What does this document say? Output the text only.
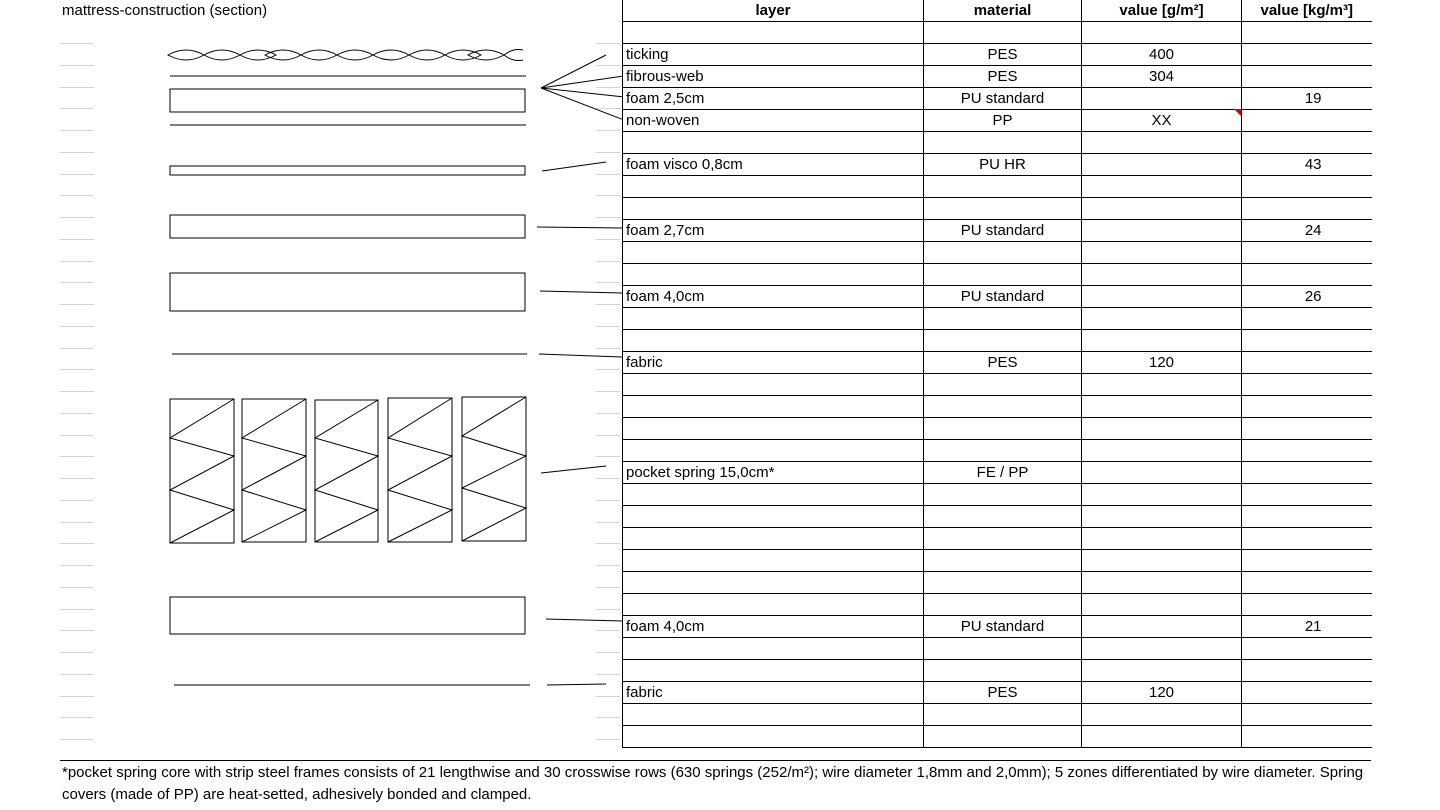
mattress-construction (section)	layer	material	value [g/m²]	value [kg/m³]

ticking	PES	400	
fibrous-web	PES	304	
foam 2,5cm	PU standard		19
non-woven	PP	XX	

foam visco 0,8cm	PU HR		43

foam 2,7cm	PU standard		24

foam 4,0cm	PU standard		26

fabric	PES	120	

pocket spring 15,0cm*	FE / PP		

foam 4,0cm	PU standard		21

fabric	PES	120	

*pocket spring core with strip steel frames consists of 21 lengthwise and 30 crosswise rows (630 springs (252/m²); wire diameter 1,8mm and 2,0mm); 5 zones differentiated by wire diameter. Spring covers (made of PP) are heat-setted, adhesively bonded and clamped.
